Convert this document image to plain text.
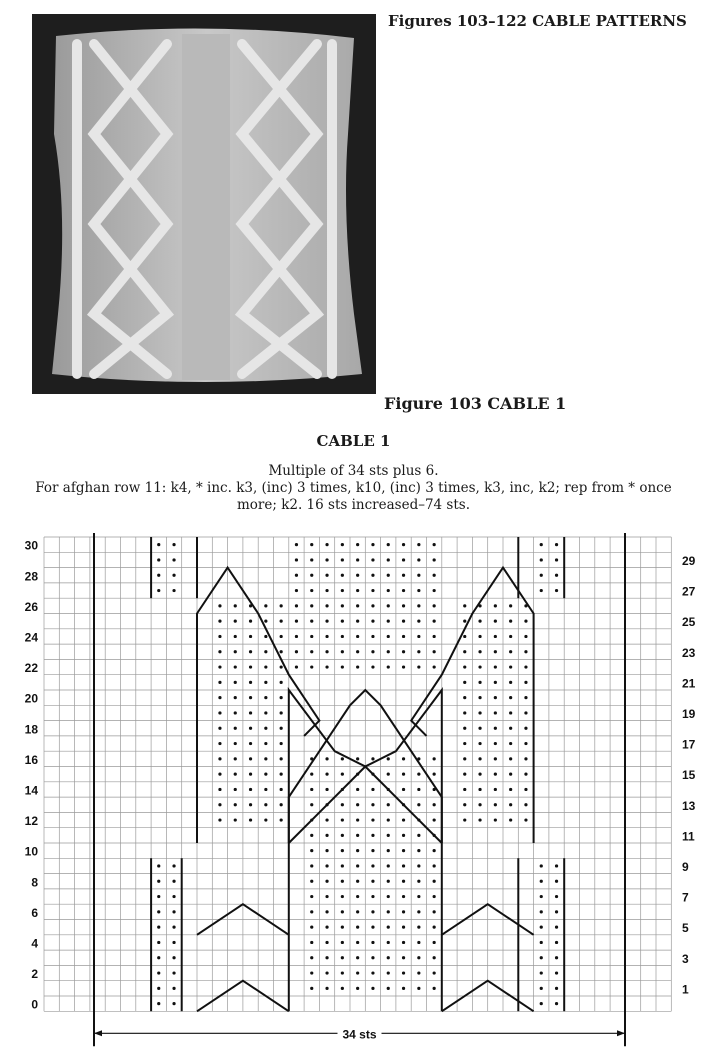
Figures 103–122 CABLE PATTERNS
Figure 103 CABLE 1
CABLE 1
Multiple of 34 sts plus 6.
For afghan row 11: k4, * inc. k3, (inc) 3 times, k10, (inc) 3 times, k3, inc, k2; rep from * once more; k2. 16 sts increased–74 sts.
0
2
4
6
8
10
12
14
16
18
20
22
24
26
28
30
1
3
5
7
9
11
13
15
17
19
21
23
25
27
29
34 sts
